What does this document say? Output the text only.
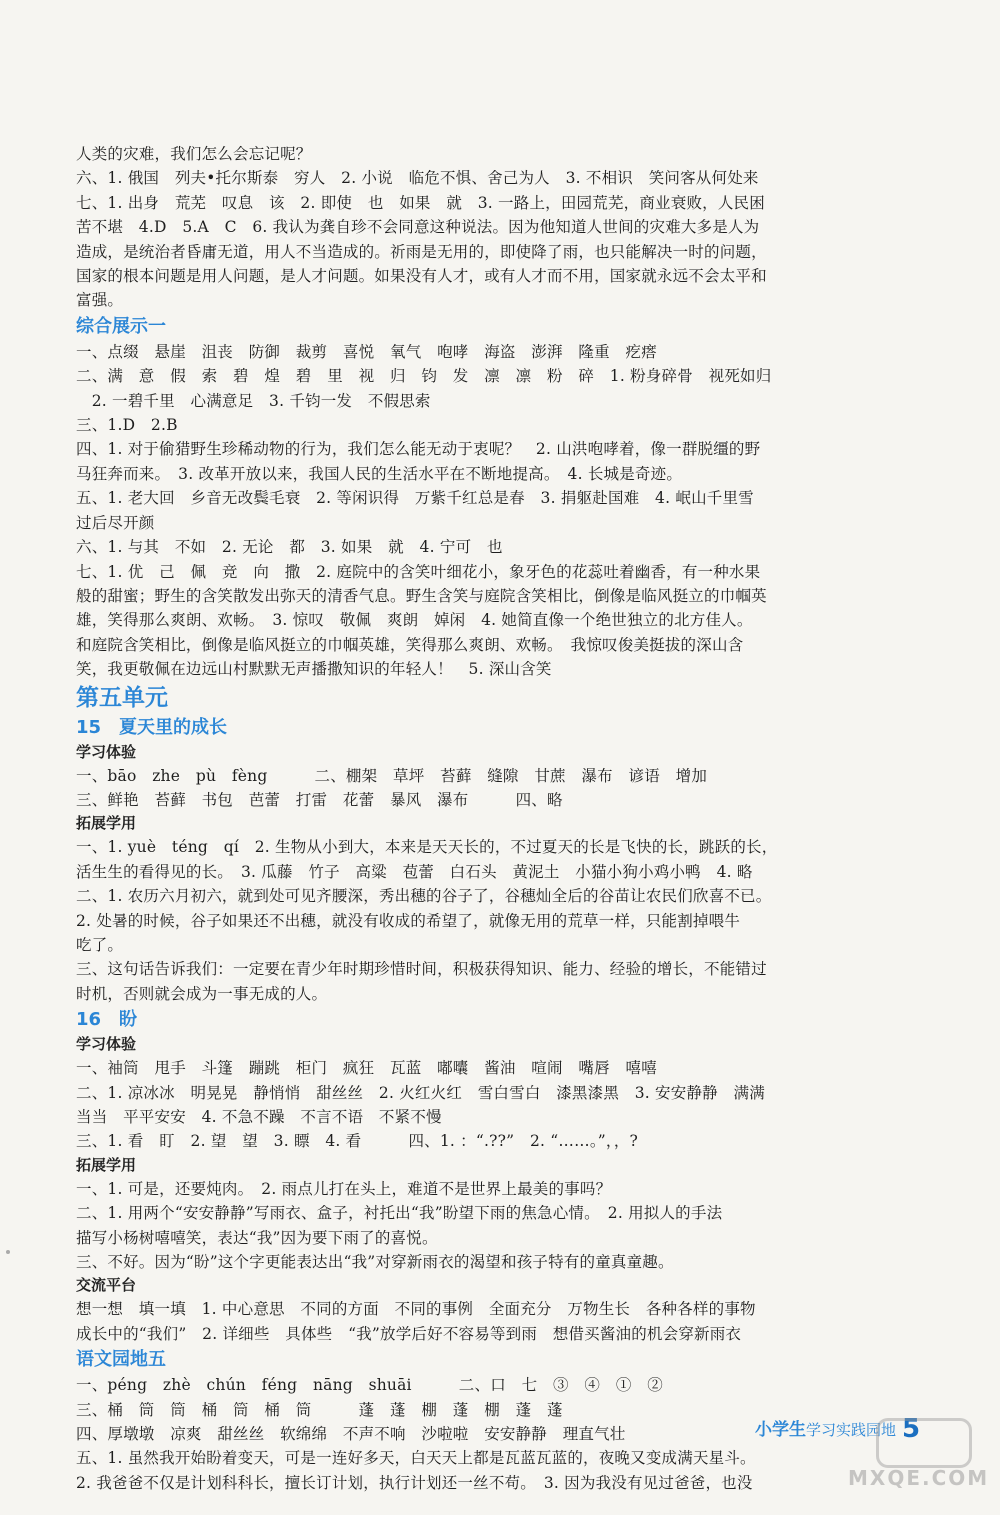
人类的灾难，我们怎么会忘记呢？
六、1. 俄国　列夫•托尔斯泰　穷人　2. 小说　临危不惧、舍己为人　3. 不相识　笑问客从何处来
七、1. 出身　荒芜　叹息　该　2. 即使　也　如果　就　3. 一路上，田园荒芜，商业衰败，人民困
苦不堪　4.D　5.A　C　6. 我认为龚自珍不会同意这种说法。因为他知道人世间的灾难大多是人为
造成，是统治者昏庸无道，用人不当造成的。祈雨是无用的，即使降了雨，也只能解决一时的问题，
国家的根本问题是用人问题，是人才问题。如果没有人才，或有人才而不用，国家就永远不会太平和
富强。
综合展示一
一、点缀　悬崖　沮丧　防御　裁剪　喜悦　氧气　咆哮　海盗　澎湃　隆重　疙瘩
二、满　意　假　索　碧　煌　碧　里　视　归　钧　发　凛　凛　粉　碎　1. 粉身碎骨　视死如归
　2. 一碧千里　心满意足　3. 千钧一发　不假思索
三、1.D　2.B
四、1. 对于偷猎野生珍稀动物的行为，我们怎么能无动于衷呢？　2. 山洪咆哮着，像一群脱缰的野
马狂奔而来。　3. 改革开放以来，我国人民的生活水平在不断地提高。　4. 长城是奇迹。
五、1. 老大回　乡音无改鬓毛衰　2. 等闲识得　万紫千红总是春　3. 捐躯赴国难　4. 岷山千里雪
过后尽开颜
六、1. 与其　不如　2. 无论　都　3. 如果　就　4. 宁可　也
七、1. 优　己　佩　竞　向　撒　2. 庭院中的含笑叶细花小，象牙色的花蕊吐着幽香，有一种水果
般的甜蜜；野生的含笑散发出弥天的清香气息。野生含笑与庭院含笑相比，倒像是临风挺立的巾帼英
雄，笑得那么爽朗、欢畅。　3. 惊叹　敬佩　爽朗　婥闲　4. 她简直像一个绝世独立的北方佳人。
和庭院含笑相比，倒像是临风挺立的巾帼英雄，笑得那么爽朗、欢畅。　我惊叹俊美挺拔的深山含
笑，我更敬佩在边远山村默默无声播撒知识的年轻人！　5. 深山含笑
第五单元
15　夏天里的成长
学习体验
一、bāo　zhe　pù　fèng　　　二、棚架　草坪　苔藓　缝隙　甘蔗　瀑布　谚语　增加
三、鲜艳　苔藓　书包　芭蕾　打雷　花蕾　暴风　瀑布　　　四、略
拓展学用
一、1. yuè　téng　qí　2. 生物从小到大，本来是天天长的，不过夏天的长是飞快的长，跳跃的长，
活生生的看得见的长。　3. 瓜藤　竹子　高粱　苞蕾　白石头　黄泥土　小猫小狗小鸡小鸭　4. 略
二、1. 农历六月初六，就到处可见齐腰深，秀出穗的谷子了，谷穗灿全后的谷苗让农民们欣喜不已。
2. 处暑的时候，谷子如果还不出穗，就没有收成的希望了，就像无用的荒草一样，只能割掉喂牛
吃了。
三、这句话告诉我们：一定要在青少年时期珍惜时间，积极获得知识、能力、经验的增长，不能错过
时机，否则就会成为一事无成的人。
16　盼
学习体验
一、袖筒　甩手　斗篷　蹦跳　柜门　疯狂　瓦蓝　嘟囔　酱油　喧闹　嘴唇　嘻嘻
二、1. 凉冰冰　明晃晃　静悄悄　甜丝丝　2. 火红火红　雪白雪白　漆黑漆黑　3. 安安静静　满满
当当　平平安安　4. 不急不躁　不言不语　不紧不慢
三、1. 看　盯　2. 望　望　3. 瞟　4. 看　　　四、1. ：“.??”　2. “……。”，，?
拓展学用
一、1. 可是，还要炖肉。　2. 雨点儿打在头上，难道不是世界上最美的事吗？
二、1. 用两个“安安静静”写雨衣、盒子，衬托出“我”盼望下雨的焦急心情。　2. 用拟人的手法
描写小杨树嘻嘻笑，表达“我”因为要下雨了的喜悦。
三、不好。因为“盼”这个字更能表达出“我”对穿新雨衣的渴望和孩子特有的童真童趣。
交流平台
想一想　填一填　1. 中心意思　不同的方面　不同的事例　全面充分　万物生长　各种各样的事物
成长中的“我们”　2. 详细些　具体些　“我”放学后好不容易等到雨　想借买酱油的机会穿新雨衣
语文园地五
一、péng　zhè　chún　féng　nāng　shuāi　　　二、口　七　③　④　①　②
三、桶　筒　筒　桶　筒　桶　筒　　　蓬　蓬　棚　蓬　棚　蓬　蓬
四、厚墩墩　凉爽　甜丝丝　软绵绵　不声不响　沙啦啦　安安静静　理直气壮
五、1. 虽然我开始盼着变天，可是一连好多天，白天天上都是瓦蓝瓦蓝的，夜晚又变成满天星斗。
2. 我爸爸不仅是计划科科长，擅长订计划，执行计划还一丝不苟。　3. 因为我没有见过爸爸，也没
小学生学习实践园地 5
MXQE.COM
